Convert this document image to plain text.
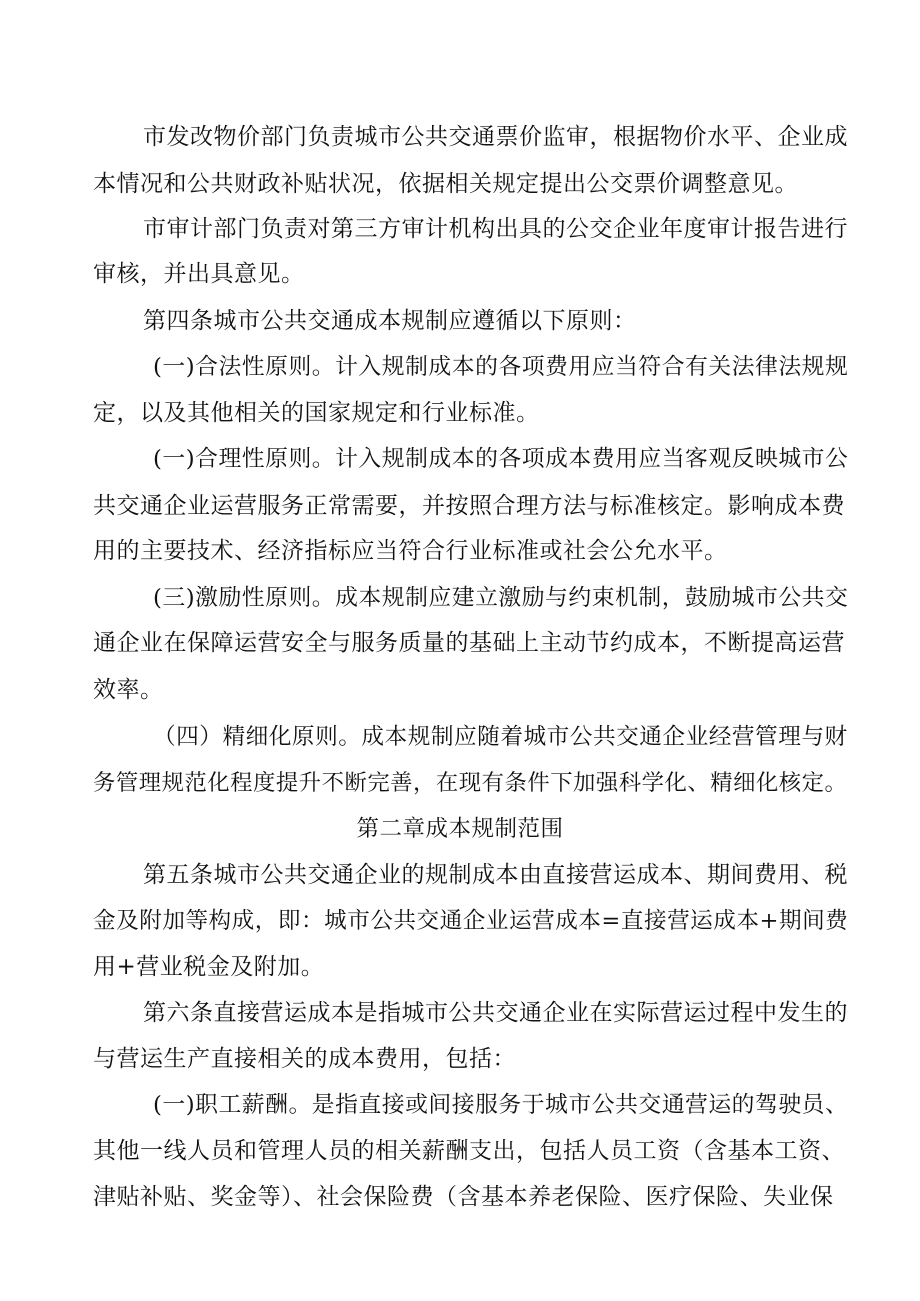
市发改物价部门负责城市公共交通票价监审，根据物价水平、企业成
本情况和公共财政补贴状况，依据相关规定提出公交票价调整意见。
市审计部门负责对第三方审计机构出具的公交企业年度审计报告进行
审核，并出具意见。
第四条城市公共交通成本规制应遵循以下原则：
(一)合法性原则。计入规制成本的各项费用应当符合有关法律法规规
定，以及其他相关的国家规定和行业标准。
(一)合理性原则。计入规制成本的各项成本费用应当客观反映城市公
共交通企业运营服务正常需要，并按照合理方法与标准核定。影响成本费
用的主要技术、经济指标应当符合行业标准或社会公允水平。
(三)激励性原则。成本规制应建立激励与约束机制，鼓励城市公共交
通企业在保障运营安全与服务质量的基础上主动节约成本，不断提高运营
效率。
（四）精细化原则。成本规制应随着城市公共交通企业经营管理与财
务管理规范化程度提升不断完善，在现有条件下加强科学化、精细化核定。
第二章成本规制范围
第五条城市公共交通企业的规制成本由直接营运成本、期间费用、税
金及附加等构成，即：城市公共交通企业运营成本=直接营运成本+期间费
用+营业税金及附加。
第六条直接营运成本是指城市公共交通企业在实际营运过程中发生的
与营运生产直接相关的成本费用，包括：
(一)职工薪酬。是指直接或间接服务于城市公共交通营运的驾驶员、
其他一线人员和管理人员的相关薪酬支出，包括人员工资（含基本工资、
津贴补贴、奖金等）、社会保险费（含基本养老保险、医疗保险、失业保
